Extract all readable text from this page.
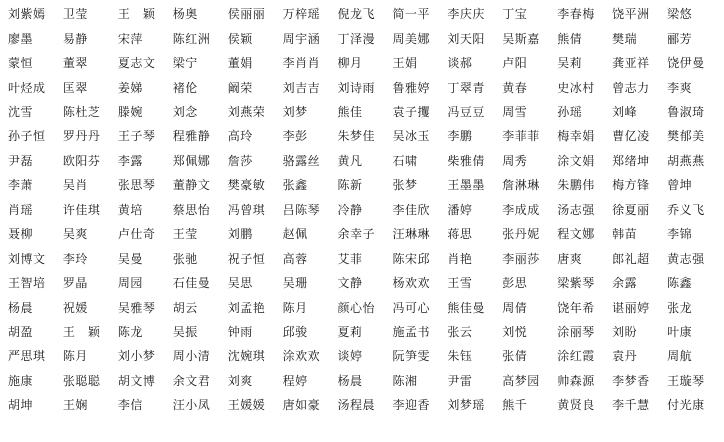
刘紫嫣	卫莹	王　颖	杨奥	侯丽丽	万梓瑶	倪龙飞	简一平	李庆庆	丁宝	李春梅	饶平洲	梁悠
廖墨	易静	宋萍	陈红洲	侯颖	周宇涵	丁泽漫	周美娜	刘天阳	吴斯嘉	熊倩	樊瑞	郦芳
蒙恒	董翠	夏志文	梁宁	董娟	李肖肖	柳月	王娟	谈郝	卢阳	吴莉	龚亚祥	饶伊曼
叶烃成	匡翠	姜娣	褚伦	阚荣	刘吉吉	刘诗雨	鲁雅婷	丁翠青	黄春	史冰村	曾志力	李爽
沈雪	陈杜芝	滕婉	刘念	刘燕荣	刘梦	熊佳	袁子攫	冯豆豆	周雪	孙瑶	刘峰	鲁淑琦
孙子恒	罗丹丹	王子琴	程雅静	高玲	李彭	朱梦佳	吴冰玉	李鹏	李菲菲	梅幸娟	曹亿凌	樊郁美
尹磊	欧阳芬	李露	郑佩娜	詹莎	骆露丝	黄凡	石啸	柴雅倩	周秀	涂文娟	郑绪坤	胡燕燕
李萧	吴肖	张思琴	董静文	樊豪敏	张鑫	陈新	张梦	王墨墨	詹淋琳	朱鹏伟	梅方锋	曾坤
肖瑶	许佳琪	黄培	蔡思怡	冯曾琪	吕陈琴	冷静	李佳欣	潘婷	李成成	汤志强	徐夏丽	乔义飞
聂柳	吴爽	卢仕奇	王莹	刘鹏	赵佩	余幸子	汪琳琳	蒋思	张丹妮	程文娜	韩苗	李锦
刘博文	李玲	吴曼	张驰	祝子恒	高蓉	艾菲	陈宋邱	肖艳	李丽莎	唐爽	郎礼超	黄志强
王智培	罗晶	周园	石佳曼	吴思	吴珊	文静	杨欢欢	王雪	彭思	梁紫琴	余露	陈鑫
杨晨	祝媛	吴雅琴	胡云	刘孟艳	陈月	颜心怡	冯可心	熊佳曼	周倩	饶年希	谌丽婷	张龙
胡盈	王　颖	陈龙	吴振	钟雨	邱骏	夏莉	施孟书	张云	刘悦	涂丽琴	刘盼	叶康
严思琪	陈月	刘小梦	周小清	沈婉琪	涂欢欢	谈婷	阮笋雯	朱钰	张倩	涂红霞	袁丹	周航
施康	张聪聪	胡文博	余文君	刘爽	程婷	杨晨	陈湘	尹雷	高梦园	帅森源	李梦香	王璇琴
胡坤	王娴	李信	汪小凤	王媛媛	唐如豪	汤程晨	李迎香	刘梦瑶	熊千	黄贤良	李千慧	付光康
